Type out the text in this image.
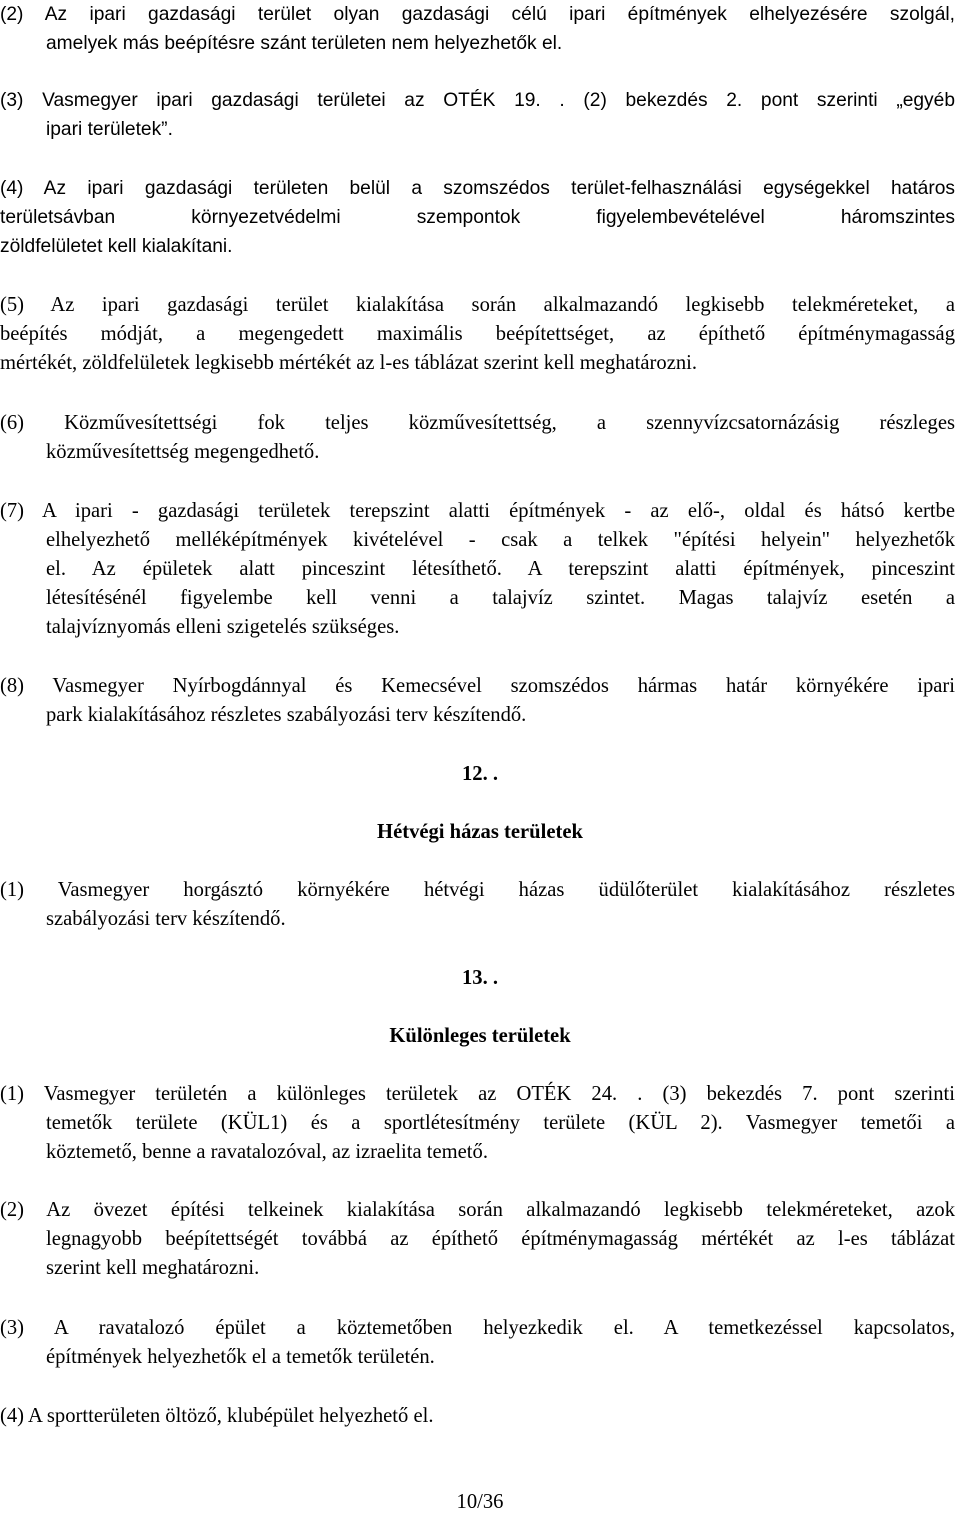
(2) Az ipari gazdasági terület olyan gazdasági célú ipari építmények elhelyezésére szolgál,
amelyek más beépítésre szánt területen nem helyezhetők el.
(3) Vasmegyer ipari gazdasági területei az OTÉK 19. . (2) bekezdés 2. pont szerinti „egyéb
ipari területek”.
(4) Az ipari gazdasági területen belül a szomszédos terület-felhasználási egységekkel határos
területsávban környezetvédelmi szempontok figyelembevételével háromszintes
zöldfelületet kell kialakítani.
(5) Az ipari gazdasági terület kialakítása során alkalmazandó legkisebb telekméreteket, a
beépítés módját, a megengedett maximális beépítettséget, az építhető építménymagasság
mértékét, zöldfelületek legkisebb mértékét az l-es táblázat szerint kell meghatározni.
(6) Közművesítettségi fok teljes közművesítettség, a szennyvízcsatornázásig részleges
közművesítettség megengedhető.
(7) A ipari - gazdasági területek terepszint alatti építmények - az elő-, oldal és hátsó kertbe
elhelyezhető melléképítmények kivételével - csak a telkek "építési helyein" helyezhetők
el. Az épületek alatt pinceszint létesíthető. A terepszint alatti építmények, pinceszint
létesítésénél figyelembe kell venni a talajvíz szintet. Magas talajvíz esetén a
talajvíznyomás elleni szigetelés szükséges.
(8) Vasmegyer Nyírbogdánnyal és Kemecsével szomszédos hármas határ környékére ipari
park kialakításához részletes szabályozási terv készítendő.
12. .
Hétvégi házas területek
(1) Vasmegyer horgásztó környékére hétvégi házas üdülőterület kialakításához részletes
szabályozási terv készítendő.
13. .
Különleges területek
(1) Vasmegyer területén a különleges területek az OTÉK 24. . (3) bekezdés 7. pont szerinti
temetők területe (KÜL1) és a sportlétesítmény területe (KÜL 2). Vasmegyer temetői a
köztemető, benne a ravatalozóval, az izraelita temető.
(2) Az övezet építési telkeinek kialakítása során alkalmazandó legkisebb telekméreteket, azok
legnagyobb beépítettségét továbbá az építhető építménymagasság mértékét az l-es táblázat
szerint kell meghatározni.
(3) A ravatalozó épület a köztemetőben helyezkedik el. A temetkezéssel kapcsolatos,
építmények helyezhetők el a temetők területén.
(4) A sportterületen öltöző, klubépület helyezhető el.
10/36
